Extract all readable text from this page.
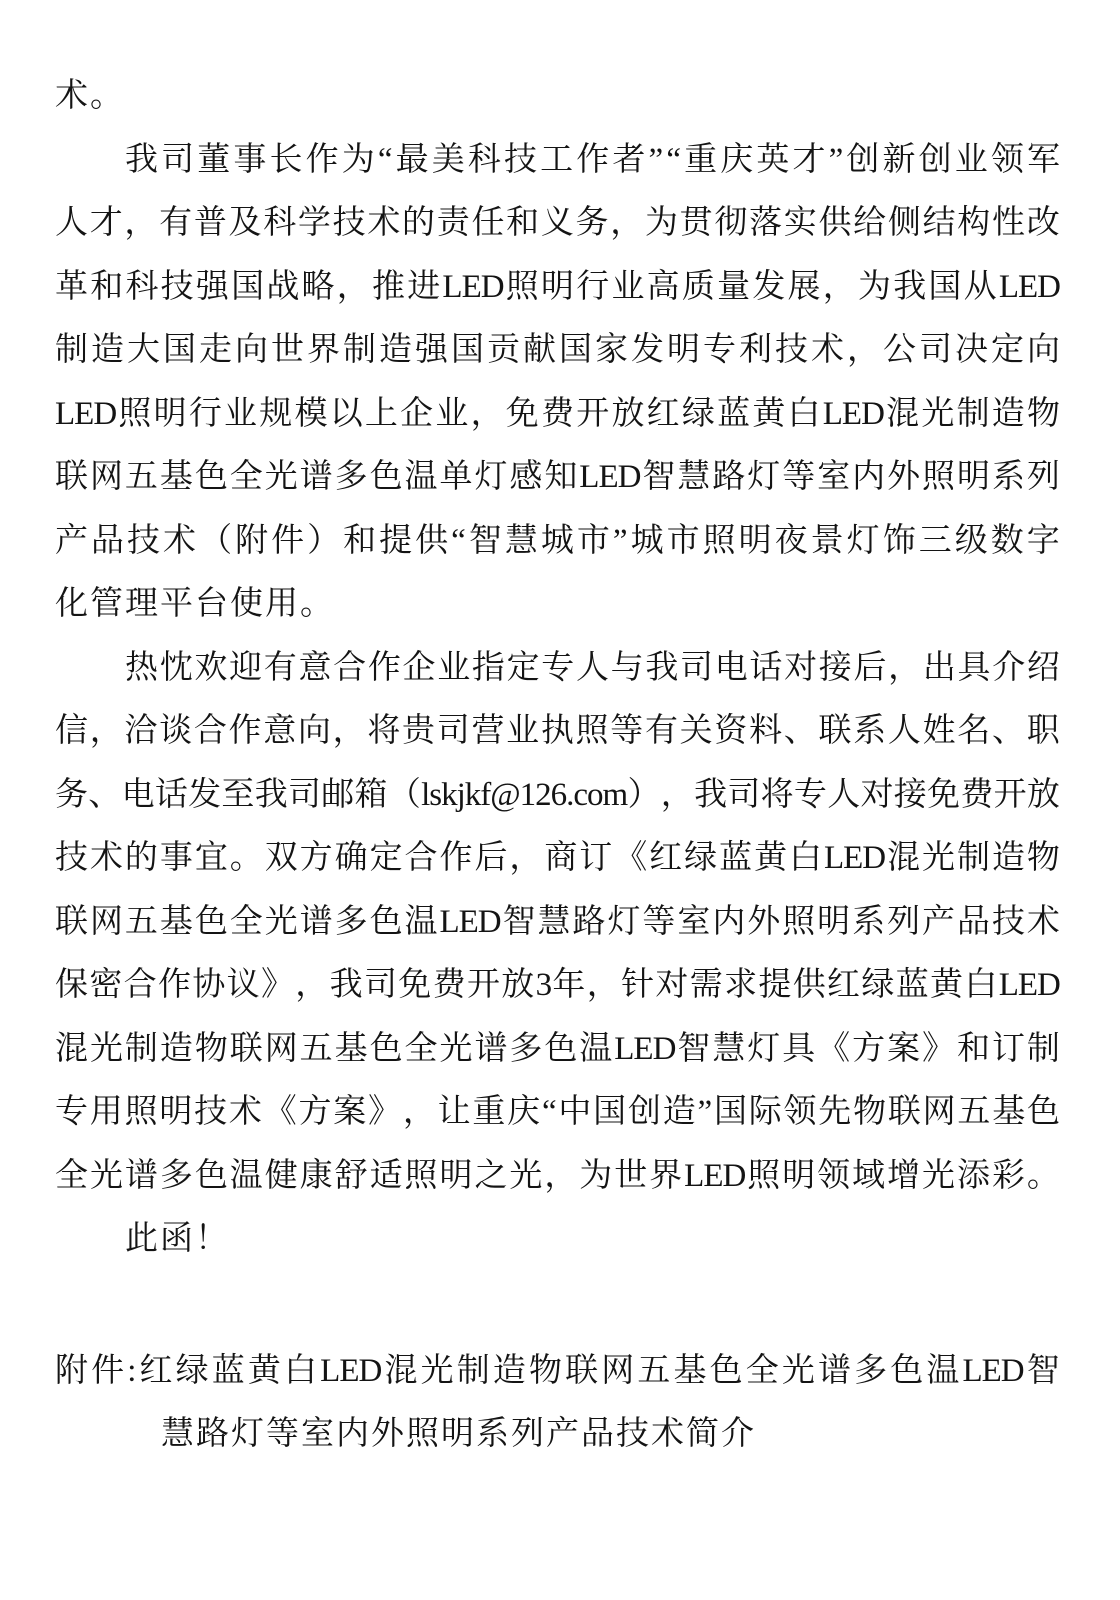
术。
我 司 董 事 长 作 为 “ 最 美 科 技 工 作 者 ” “ 重 庆 英 才 ” 创 新 创 业 领 军
人 才 ， 有 普 及 科 学 技 术 的 责 任 和 义 务 ， 为 贯 彻 落 实 供 给 侧 结 构 性 改
革 和 科 技 强 国 战 略 ， 推 进 LED 照 明 行 业 高 质 量 发 展 ， 为 我 国 从 LED
制 造 大 国 走 向 世 界 制 造 强 国 贡 献 国 家 发 明 专 利 技 术 ， 公 司 决 定 向
LED 照 明 行 业 规 模 以 上 企 业 ， 免 费 开 放 红 绿 蓝 黄 白 LED 混 光 制 造 物
联 网 五 基 色 全 光 谱 多 色 温 单 灯 感 知 LED 智 慧 路 灯 等 室 内 外 照 明 系 列
产 品 技 术 （ 附 件 ） 和 提 供 “ 智 慧 城 市 ” 城 市 照 明 夜 景 灯 饰 三 级 数 字
化管理平台使用。
热 忱 欢 迎 有 意 合 作 企 业 指 定 专 人 与 我 司 电 话 对 接 后 ， 出 具 介 绍
信 ， 洽 谈 合 作 意 向 ， 将 贵 司 营 业 执 照 等 有 关 资 料 、 联 系 人 姓 名 、 职
务 、 电 话 发 至 我 司 邮 箱 （ lskjkf@126.com ） ， 我 司 将 专 人 对 接 免 费 开 放
技 术 的 事 宜 。 双 方 确 定 合 作 后 ， 商 订 《 红 绿 蓝 黄 白 LED 混 光 制 造 物
联 网 五 基 色 全 光 谱 多 色 温 LED 智 慧 路 灯 等 室 内 外 照 明 系 列 产 品 技 术
保 密 合 作 协 议 》 ， 我 司 免 费 开 放 3 年 ， 针 对 需 求 提 供 红 绿 蓝 黄 白 LED
混 光 制 造 物 联 网 五 基 色 全 光 谱 多 色 温 LED 智 慧 灯 具 《 方 案 》 和 订 制
专 用 照 明 技 术 《 方 案 》 ， 让 重 庆 “ 中 国 创 造 ” 国 际 领 先 物 联 网 五 基 色
全 光 谱 多 色 温 健 康 舒 适 照 明 之 光 ， 为 世 界 LED 照 明 领 域 增 光 添 彩 。
此函！
附 件 : 红 绿 蓝 黄 白 LED 混 光 制 造 物 联 网 五 基 色 全 光 谱 多 色 温 LED 智
慧路灯等室内外照明系列产品技术简介
